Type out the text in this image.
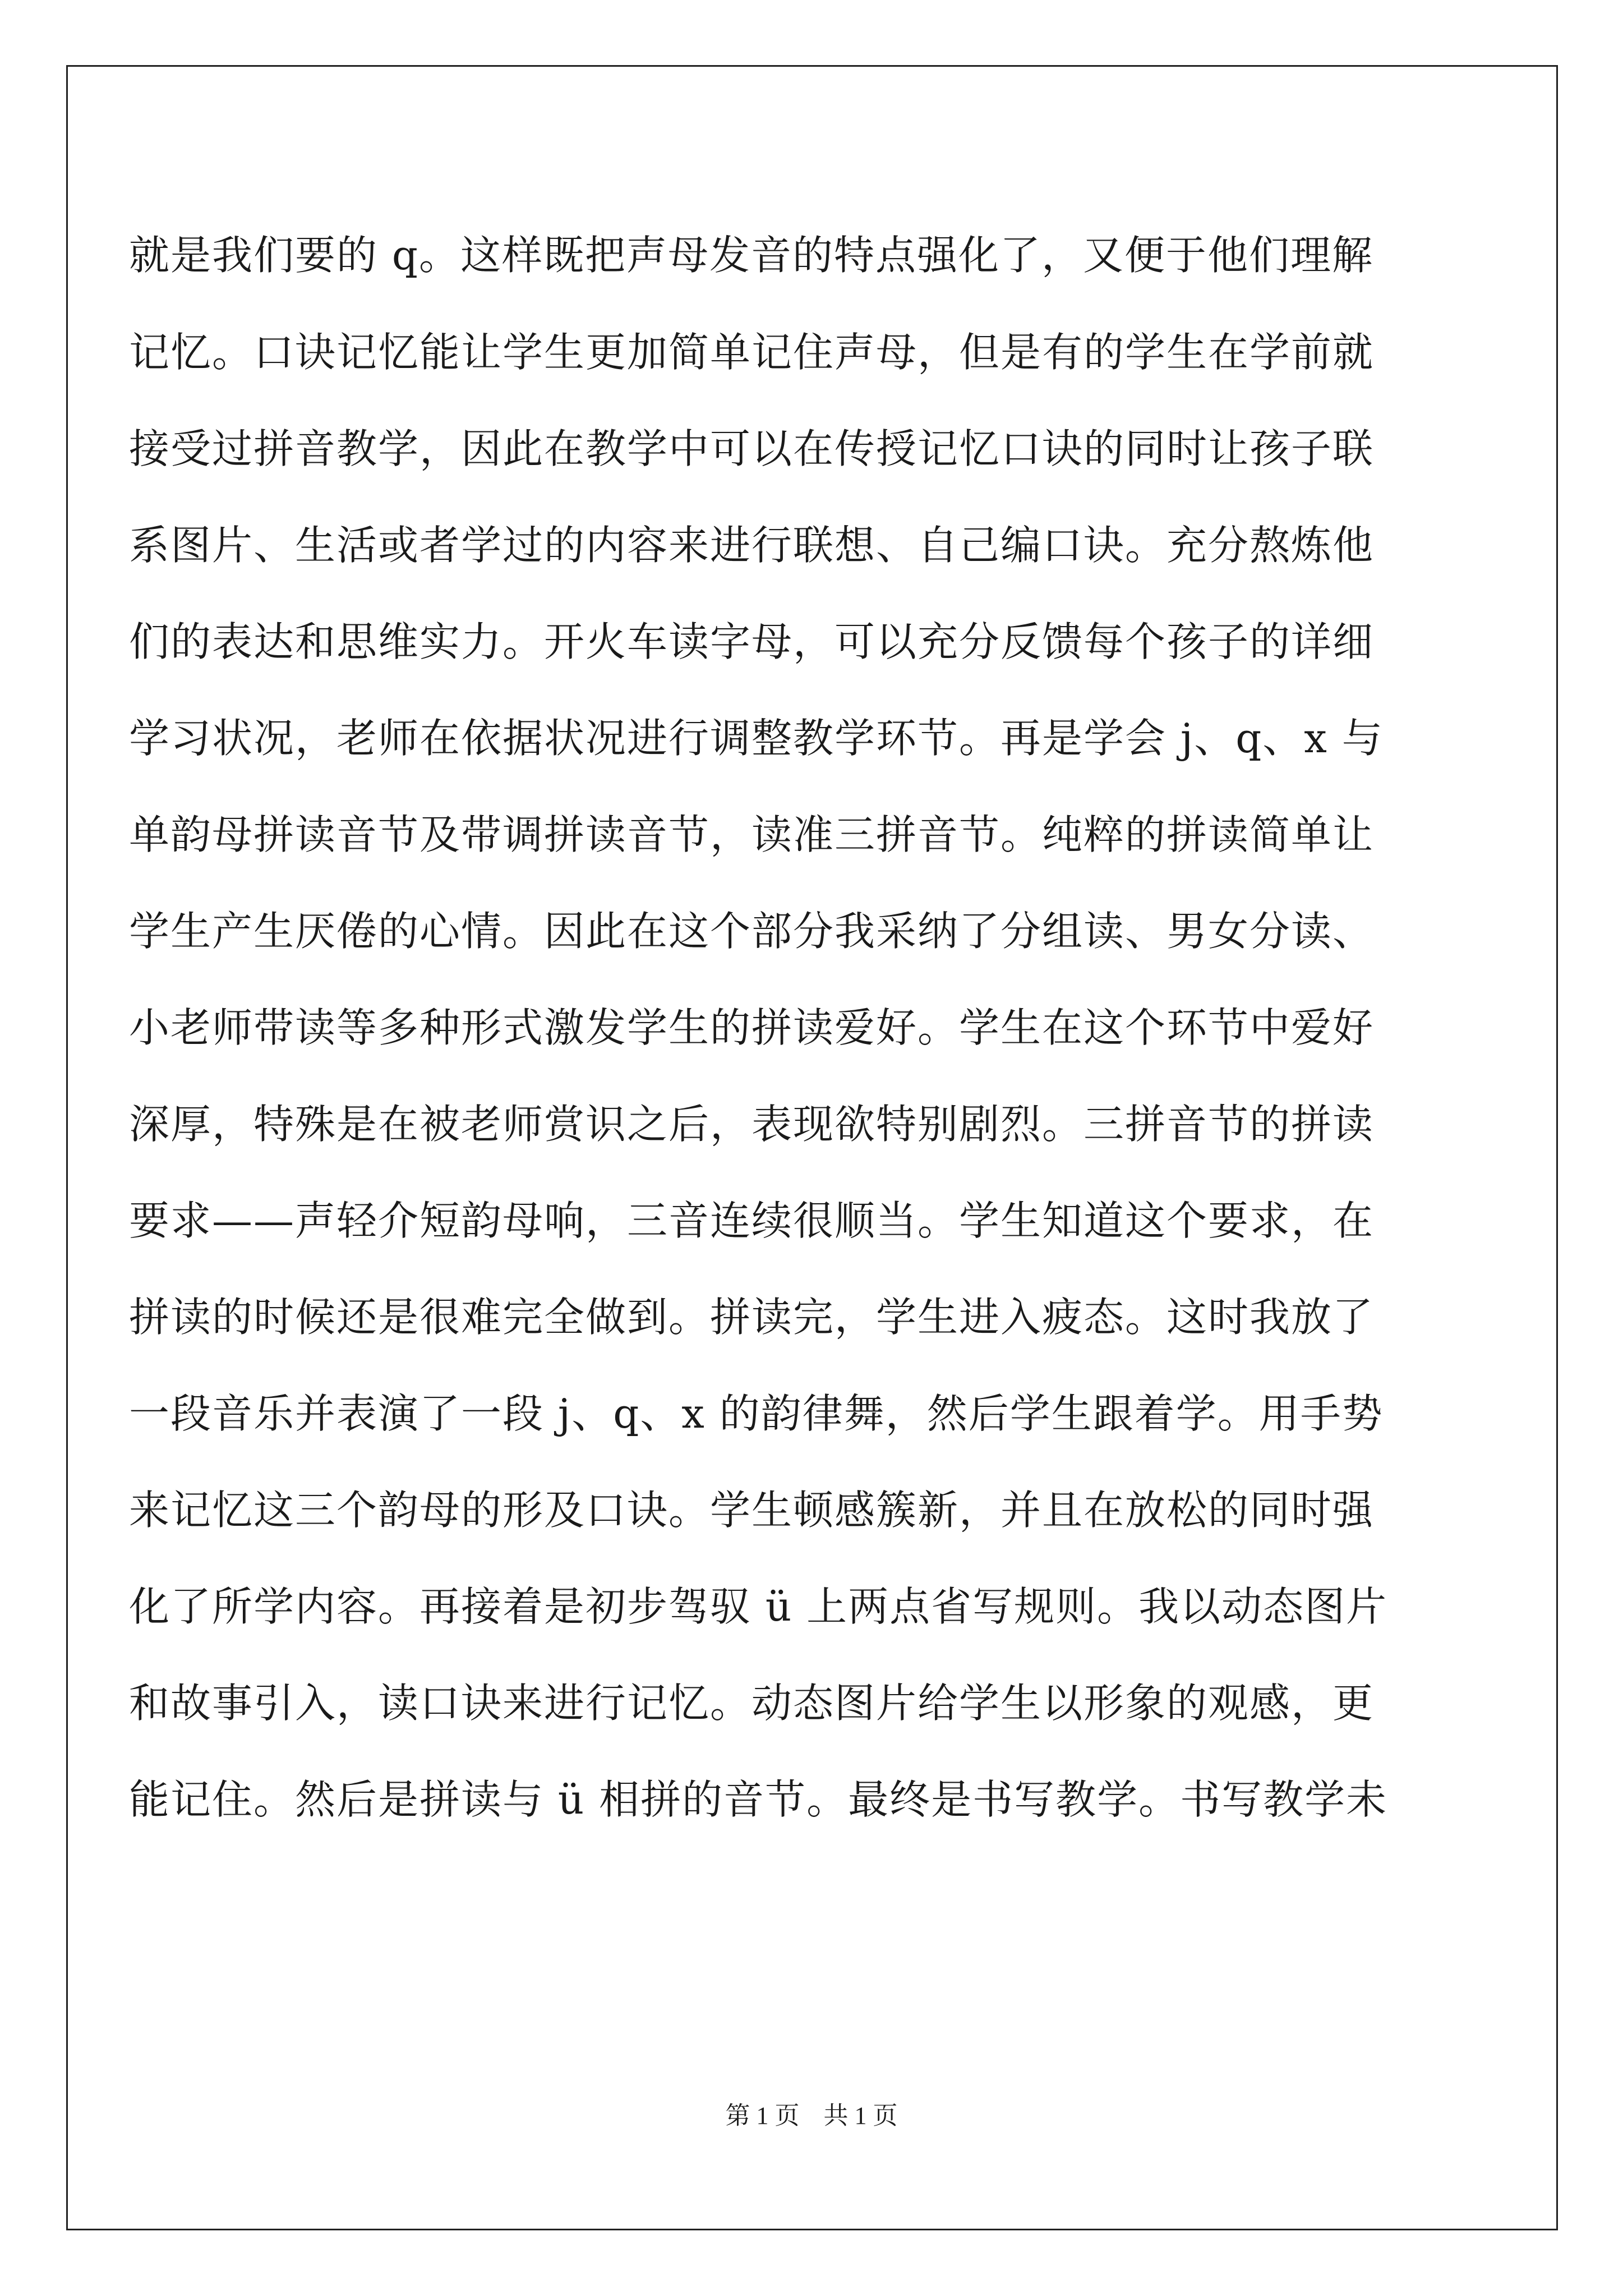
就是我们要的 q。这样既把声母发音的特点强化了，又便于他们理解
记忆。口诀记忆能让学生更加简单记住声母，但是有的学生在学前就
接受过拼音教学，因此在教学中可以在传授记忆口诀的同时让孩子联
系图片、生活或者学过的内容来进行联想、自己编口诀。充分熬炼他
们的表达和思维实力。开火车读字母，可以充分反馈每个孩子的详细
学习状况，老师在依据状况进行调整教学环节。再是学会 j、q、x 与
单韵母拼读音节及带调拼读音节，读准三拼音节。纯粹的拼读简单让
学生产生厌倦的心情。因此在这个部分我采纳了分组读、男女分读、
小老师带读等多种形式激发学生的拼读爱好。学生在这个环节中爱好
深厚，特殊是在被老师赏识之后，表现欲特别剧烈。三拼音节的拼读
要求——声轻介短韵母响，三音连续很顺当。学生知道这个要求，在
拼读的时候还是很难完全做到。拼读完，学生进入疲态。这时我放了
一段音乐并表演了一段 j、q、x 的韵律舞，然后学生跟着学。用手势
来记忆这三个韵母的形及口诀。学生顿感簇新，并且在放松的同时强
化了所学内容。再接着是初步驾驭 ü 上两点省写规则。我以动态图片
和故事引入，读口诀来进行记忆。动态图片给学生以形象的观感，更
能记住。然后是拼读与 ü 相拼的音节。最终是书写教学。书写教学未
第 1 页 共 1 页
